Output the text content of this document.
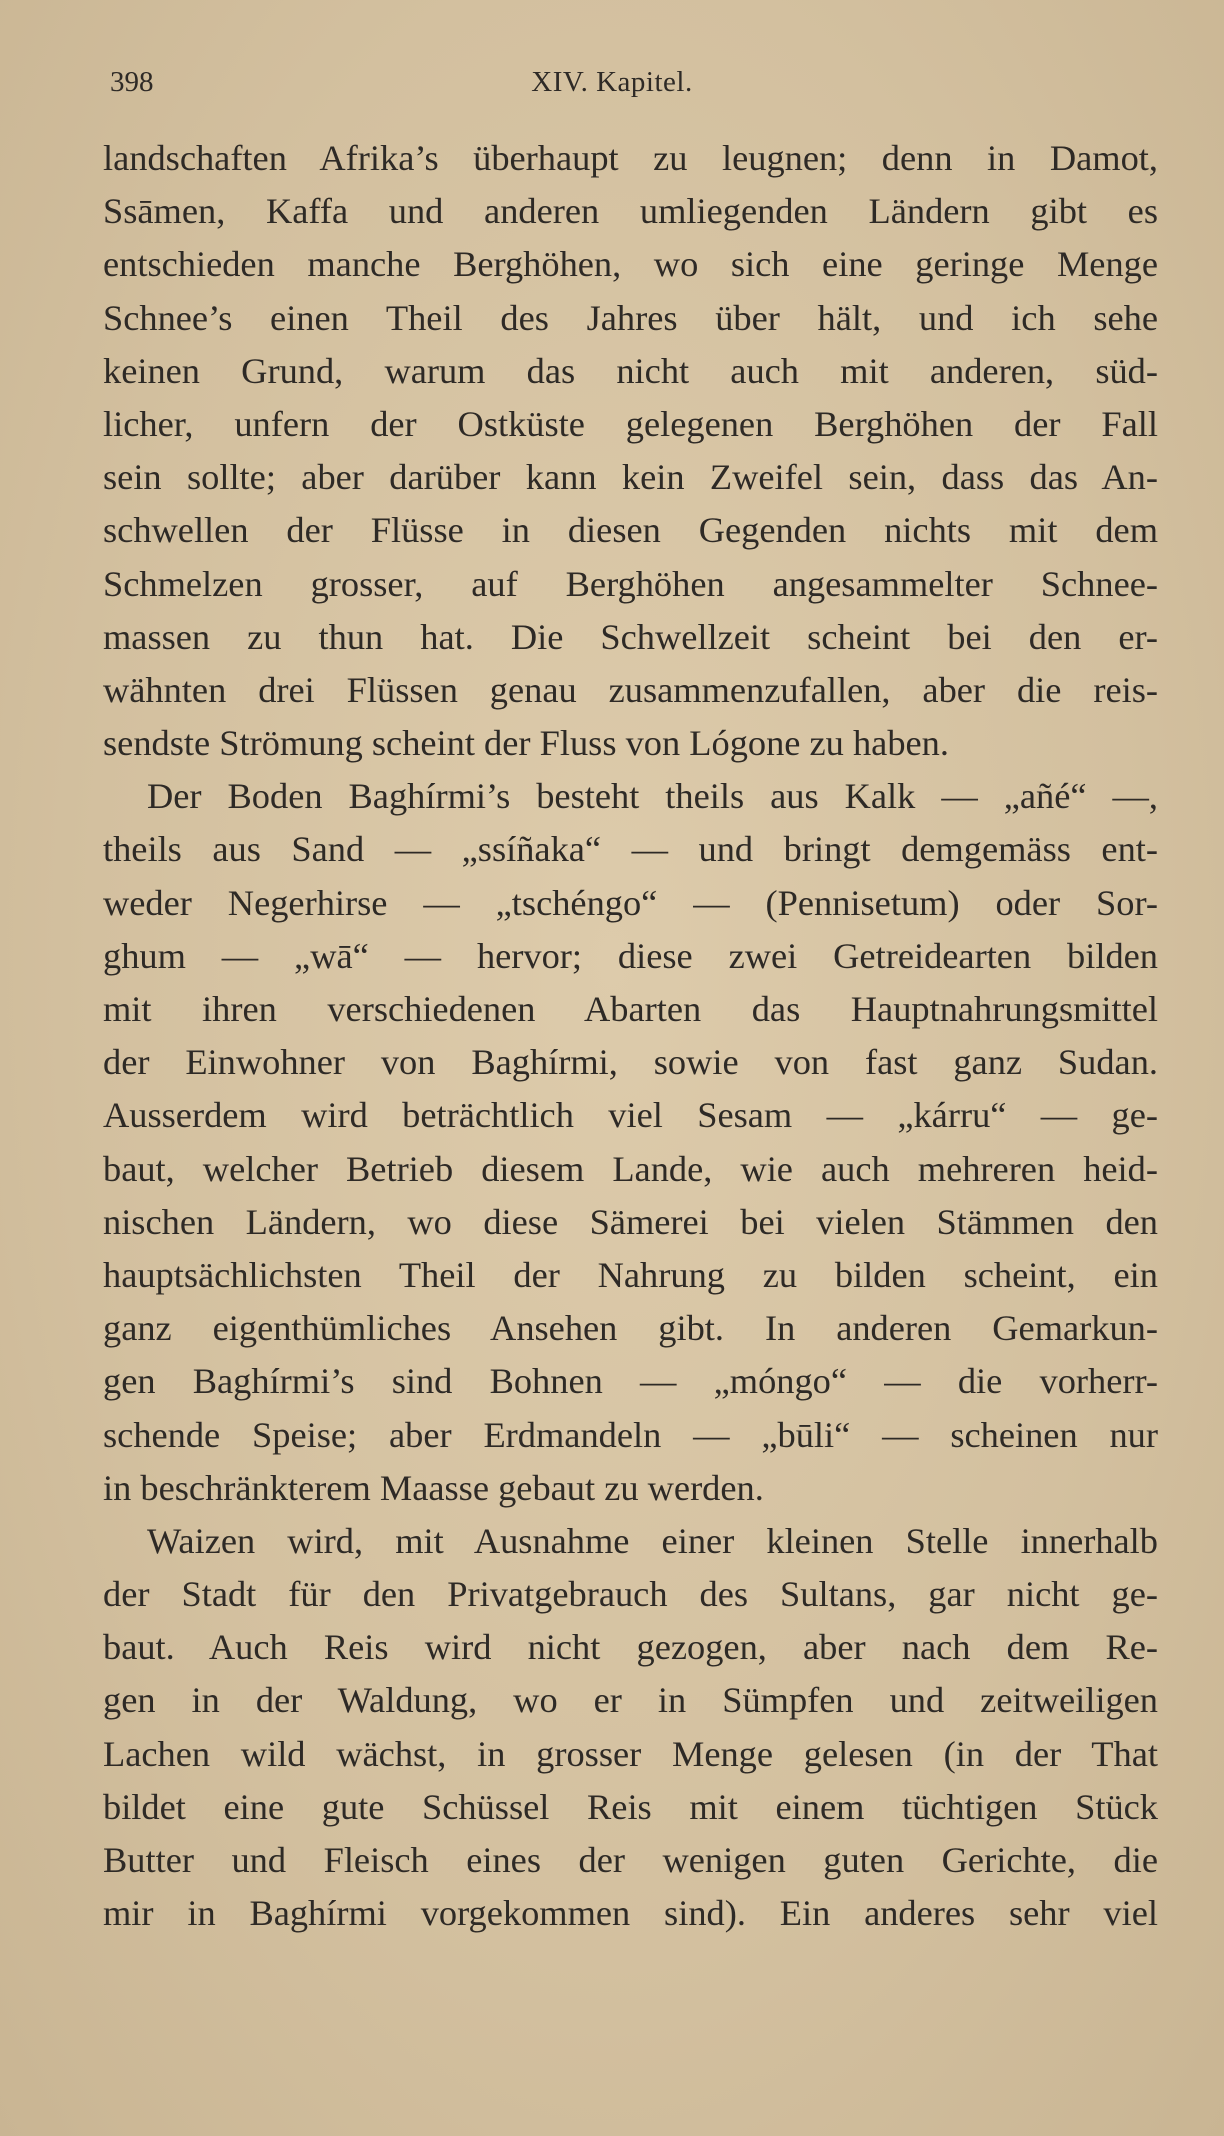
398	XIV. Kapitel.
landschaften Afrika’s überhaupt zu leugnen; denn in Damot,
Ssāmen, Kaffa und anderen umliegenden Ländern gibt es
entschieden manche Berghöhen, wo sich eine geringe Menge
Schnee’s einen Theil des Jahres über hält, und ich sehe
keinen Grund, warum das nicht auch mit anderen, süd-
licher, unfern der Ostküste gelegenen Berghöhen der Fall
sein sollte; aber darüber kann kein Zweifel sein, dass das An-
schwellen der Flüsse in diesen Gegenden nichts mit dem
Schmelzen grosser, auf Berghöhen angesammelter Schnee-
massen zu thun hat. Die Schwellzeit scheint bei den er-
wähnten drei Flüssen genau zusammenzufallen, aber die reis-
sendste Strömung scheint der Fluss von Lógone zu haben.
Der Boden Baghírmi’s besteht theils aus Kalk — „añé“ —,
theils aus Sand — „ssíñaka“ — und bringt demgemäss ent-
weder Negerhirse — „tschéngo“ — (Pennisetum) oder Sor-
ghum — „wā“ — hervor; diese zwei Getreidearten bilden
mit ihren verschiedenen Abarten das Hauptnahrungsmittel
der Einwohner von Baghírmi, sowie von fast ganz Sudan.
Ausserdem wird beträchtlich viel Sesam — „kárru“ — ge-
baut, welcher Betrieb diesem Lande, wie auch mehreren heid-
nischen Ländern, wo diese Sämerei bei vielen Stämmen den
hauptsächlichsten Theil der Nahrung zu bilden scheint, ein
ganz eigenthümliches Ansehen gibt. In anderen Gemarkun-
gen Baghírmi’s sind Bohnen — „móngo“ — die vorherr-
schende Speise; aber Erdmandeln — „būli“ — scheinen nur
in beschränkterem Maasse gebaut zu werden.
Waizen wird, mit Ausnahme einer kleinen Stelle innerhalb
der Stadt für den Privatgebrauch des Sultans, gar nicht ge-
baut. Auch Reis wird nicht gezogen, aber nach dem Re-
gen in der Waldung, wo er in Sümpfen und zeitweiligen
Lachen wild wächst, in grosser Menge gelesen (in der That
bildet eine gute Schüssel Reis mit einem tüchtigen Stück
Butter und Fleisch eines der wenigen guten Gerichte, die
mir in Baghírmi vorgekommen sind). Ein anderes sehr viel
